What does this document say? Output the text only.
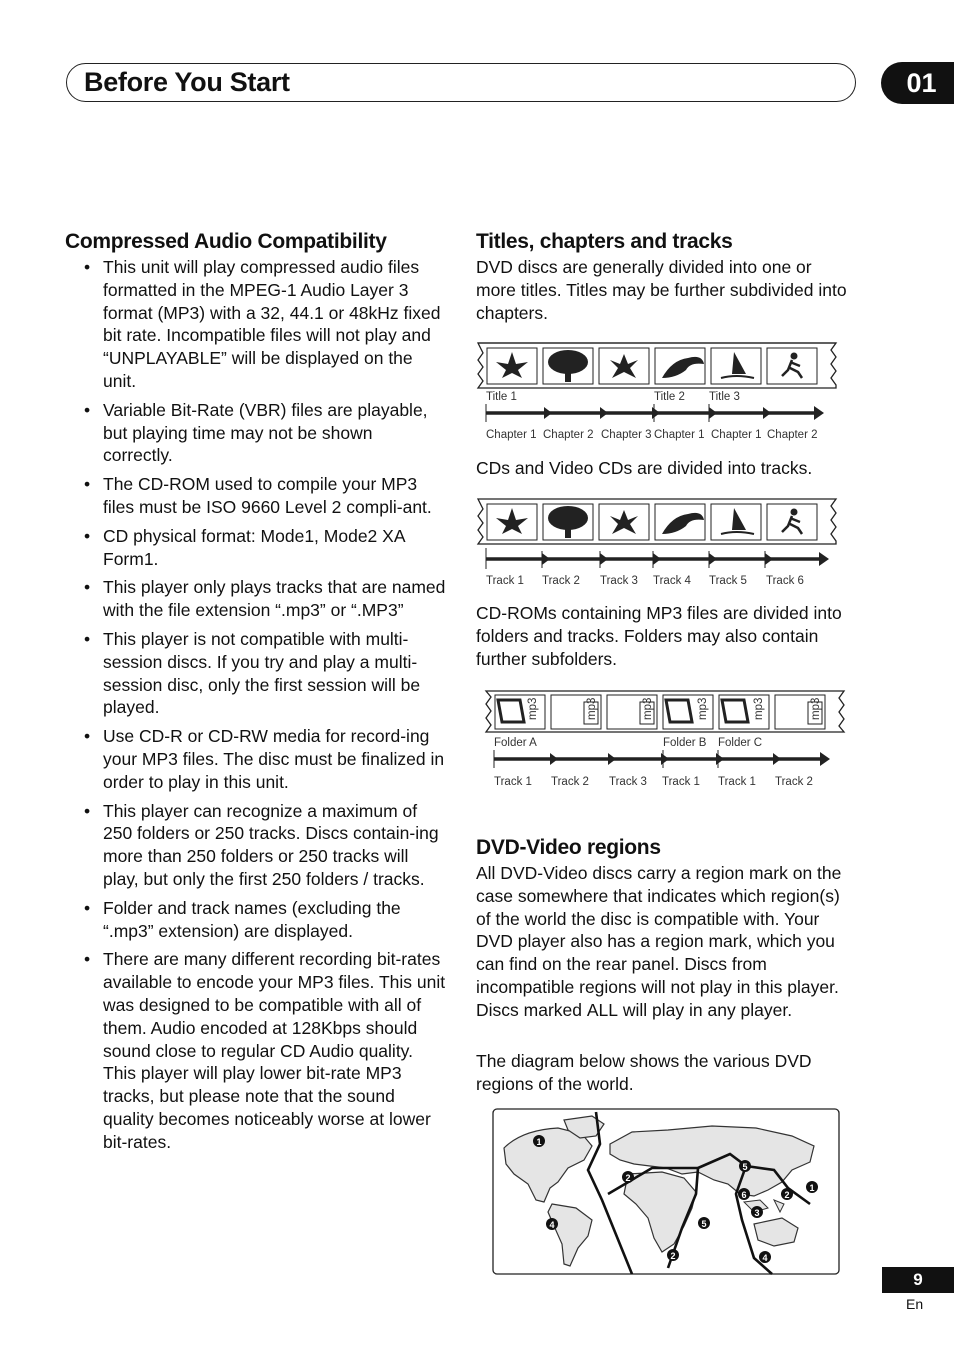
Before You Start	01
Compressed Audio Compatibility
• This unit will play compressed audio files formatted in the MPEG-1 Audio Layer 3 format (MP3) with a 32, 44.1 or 48kHz fixed bit rate. Incompatible files will not play and “UNPLAYABLE” will be displayed on the unit.
• Variable Bit-Rate (VBR) files are playable, but playing time may not be shown correctly.
• The CD-ROM used to compile your MP3 files must be ISO 9660 Level 2 compli-ant.
• CD physical format: Mode1, Mode2 XA Form1.
• This player only plays tracks that are named with the file extension “.mp3” or “.MP3”
• This player is not compatible with multi-session discs. If you try and play a multi-session disc, only the first session will be played.
• Use CD-R or CD-RW media for record-ing your MP3 files. The disc must be finalized in order to play in this unit.
• This player can recognize a maximum of 250 folders or 250 tracks. Discs contain-ing more than 250 folders or 250 tracks will play, but only the first 250 folders / tracks.
• Folder and track names (excluding the “.mp3” extension) are displayed.
• There are many different recording bit-rates available to encode your MP3 files. This unit was designed to be compatible with all of them. Audio encoded at 128Kbps should sound close to regular CD Audio quality. This player will play lower bit-rate MP3 tracks, but please note that the sound quality becomes noticeably worse at lower bit-rates.
Titles, chapters and tracks
DVD discs are generally divided into one or more titles. Titles may be further subdivided into chapters.
Title 1	Title 2 Title 3
Chapter 1 Chapter 2 Chapter 3 Chapter 1 Chapter 1 Chapter 2
CDs and Video CDs are divided into tracks.
Track 1 Track 2 Track 3 Track 4 Track 5 Track 6
CD-ROMs containing MP3 files are divided into folders and tracks. Folders may also contain further subfolders.
mp3	mp3	mp3	mp3	mp3	mp3
Folder A	Folder B Folder C
Track 1 Track 2 Track 3 Track 1 Track 1 Track 2
DVD-Video regions
All DVD-Video discs carry a region mark on the case somewhere that indicates which region(s) of the world the disc is compatible with. Your DVD player also has a region mark, which you can find on the rear panel. Discs from incompatible regions will not play in this player. Discs marked ALL will play in any player.
The diagram below shows the various DVD regions of the world.
1
2
4
5
6	2
1
3
5
2	4
9
En
